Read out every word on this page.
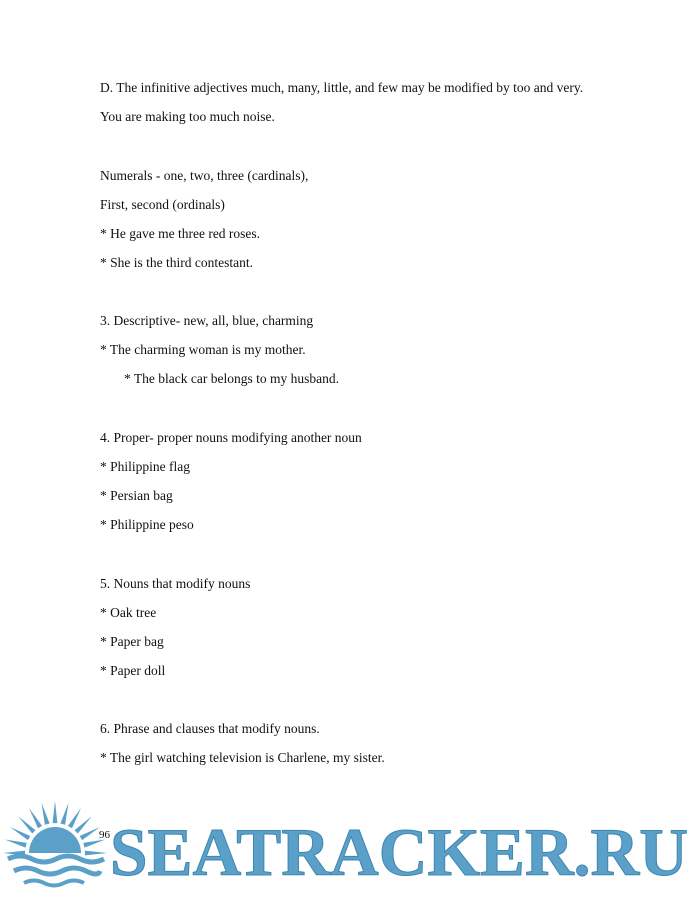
D. The infinitive adjectives much, many, little, and few may be modified by too and very.
You are making too much noise.
Numerals - one, two, three (cardinals),
First, second (ordinals)
* He gave me three red roses.
* She is the third contestant.
3. Descriptive- new, all, blue, charming
* The charming woman is my mother.
* The black car belongs to my husband.
4. Proper- proper nouns modifying another noun
* Philippine flag
* Persian bag
* Philippine peso
5. Nouns that modify nouns
* Oak tree
* Paper bag
* Paper doll
6. Phrase and clauses that modify nouns.
* The girl watching television is Charlene, my sister.
SEATRACKER.RU
96
